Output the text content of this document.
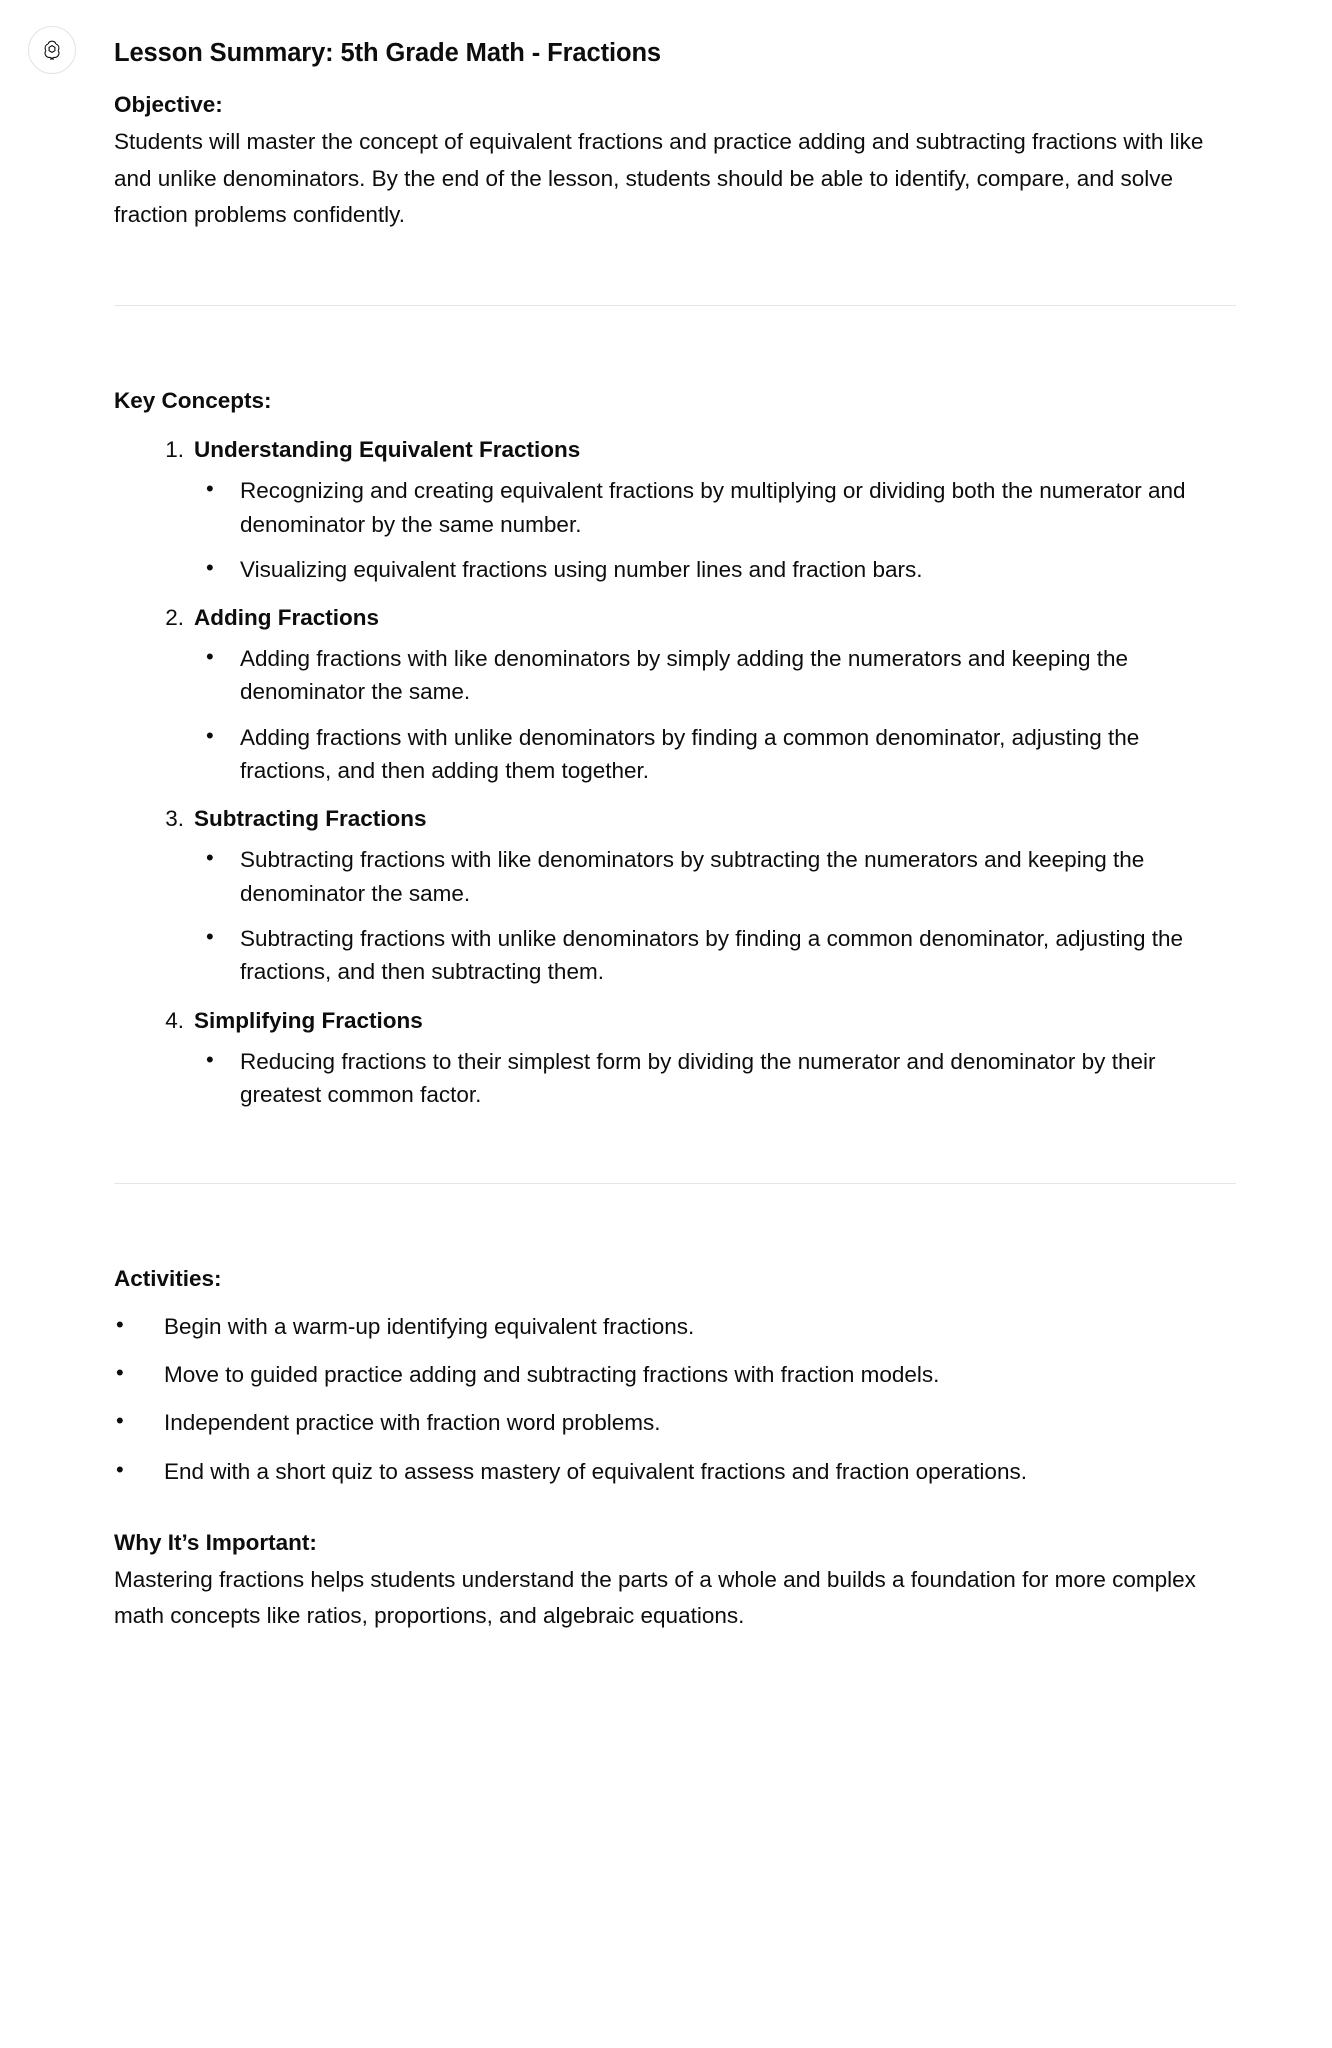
Lesson Summary: 5th Grade Math - Fractions
Objective:

Students will master the concept of equivalent fractions and practice adding and subtracting fractions with like and unlike denominators. By the end of the lesson, students should be able to identify, compare, and solve fraction problems confidently.

Key Concepts:
1. Understanding Equivalent Fractions
• Recognizing and creating equivalent fractions by multiplying or dividing both the numerator and denominator by the same number.
• Visualizing equivalent fractions using number lines and fraction bars.
2. Adding Fractions
• Adding fractions with like denominators by simply adding the numerators and keeping the denominator the same.
• Adding fractions with unlike denominators by finding a common denominator, adjusting the fractions, and then adding them together.
3. Subtracting Fractions
• Subtracting fractions with like denominators by subtracting the numerators and keeping the denominator the same.
• Subtracting fractions with unlike denominators by finding a common denominator, adjusting the fractions, and then subtracting them.
4. Simplifying Fractions
• Reducing fractions to their simplest form by dividing the numerator and denominator by their greatest common factor.
Activities:
• Begin with a warm-up identifying equivalent fractions.
• Move to guided practice adding and subtracting fractions with fraction models.
• Independent practice with fraction word problems.
• End with a short quiz to assess mastery of equivalent fractions and fraction operations.
Why It’s Important:

Mastering fractions helps students understand the parts of a whole and builds a foundation for more complex math concepts like ratios, proportions, and algebraic equations.
